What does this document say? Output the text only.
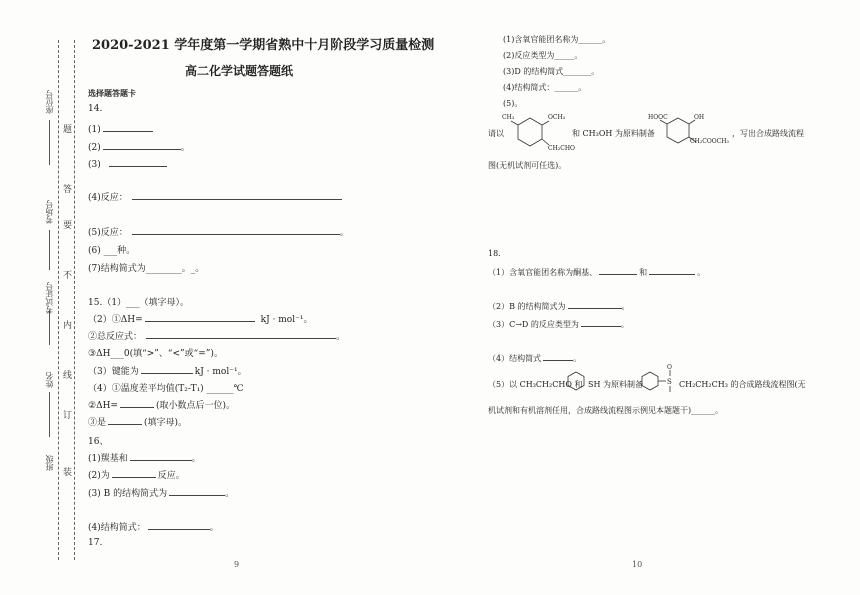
座位号
考场号
考试证号
姓名
班级
题
答
要
不
内
线
订
装
2020-2021 学年度第一学期省熟中十月阶段学习质量检测
高二化学试题答题纸
选择题答题卡
14.
(1)
(2)	。
(3)
(4)反应：
(5)反应：	。
(6) ___种。
(7)结构简式为________。_。
15.（1）___（填字母）。
（2）①ΔH=	kJ · mol⁻¹。
②总反应式：	。
③ΔH___0(填“>”、“<”或“=”)。
（3）键能为	kJ · mol⁻¹。
（4）①温度差平均值(T₂-T₁) ______℃
②ΔH=	(取小数点后一位)。
③是	(填字母)。
16、
(1)羰基和	。
(2)为	反应。
(3) B 的结构简式为	。
(4)结构简式：	。
17.
9
(1)含氧官能团名称为______。
(2)反应类型为_____。
(3)D 的结构简式_______。
(4)结构简式：______。
(5)。
请以
CH₃	OCH₃
CH₂CHO
和 CH₃OH 为原料制备
HOOC	OH
CH₂COOCH₃
，写出合成路线流程
图(无机试剂可任选)。
18.
（1）含氧官能团名称为酮基、	和	。
（2）B 的结构简式为	。
（3）C→D 的反应类型为	。
（4）结构简式	。
（5）以 CH₃CH₂CHO 和 SH 为原料制备
O
S CH₂CH₂CH₃ 的合成路线流程图(无
机试剂和有机溶剂任用，合成路线流程图示例见本题题干)______。
10
